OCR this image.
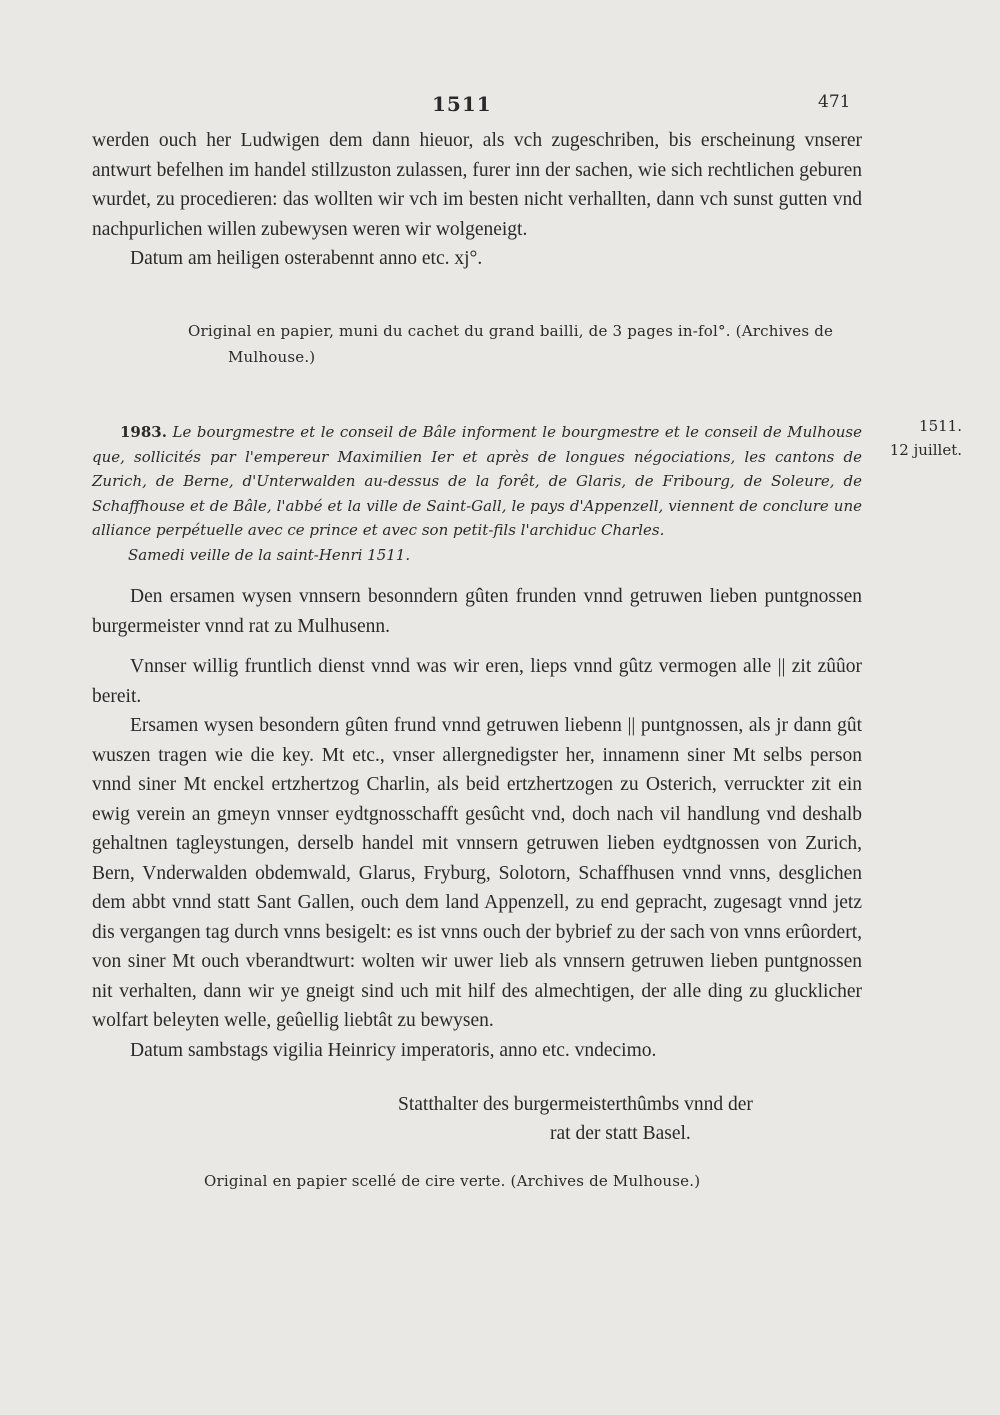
1511	471

werden ouch her Ludwigen dem dann hieuor, als vch zugeschriben, bis erscheinung vnserer antwurt befelhen im handel stillzuston zulassen, furer inn der sachen, wie sich rechtlichen geburen wurdet, zu procedieren: das wollten wir vch im besten nicht verhallten, dann vch sunst gutten vnd nachpurlichen willen zubewysen weren wir wolgeneigt.

Datum am heiligen osterabennt anno etc. xj°.

Original en papier, muni du cachet du grand bailli, de 3 pages in-fol°. (Archives de
Mulhouse.)

1983. Le bourgmestre et le conseil de Bâle informent le bourgmestre et le conseil de Mulhouse que, sollicités par l'empereur Maximilien Ier et après de longues négociations, les cantons de Zurich, de Berne, d'Unterwalden au-dessus de la forêt, de Glaris, de Fribourg, de Soleure, de Schaffhouse et de Bâle, l'abbé et la ville de Saint-Gall, le pays d'Appenzell, viennent de conclure une alliance perpétuelle avec ce prince et avec son petit-fils l'archiduc Charles.

Samedi veille de la saint-Henri 1511.

1511.
12 juillet.

Den ersamen wysen vnnsern besonndern gûten frunden vnnd getruwen lieben puntgnossen burgermeister vnnd rat zu Mulhusenn.

Vnnser willig fruntlich dienst vnnd was wir eren, lieps vnnd gûtz vermogen alle || zit zûûor bereit.

Ersamen wysen besondern gûten frund vnnd getruwen liebenn || puntgnossen, als jr dann gût wuszen tragen wie die key. Mt etc., vnser allergnedigster her, innamenn siner Mt selbs person vnnd siner Mt enckel ertzhertzog Charlin, als beid ertzhertzogen zu Osterich, verruckter zit ein ewig verein an gmeyn vnnser eydtgnosschafft gesûcht vnd, doch nach vil handlung vnd deshalb gehaltnen tagleystungen, derselb handel mit vnnsern getruwen lieben eydtgnossen von Zurich, Bern, Vnderwalden obdemwald, Glarus, Fryburg, Solotorn, Schaffhusen vnnd vnns, desglichen dem abbt vnnd statt Sant Gallen, ouch dem land Appenzell, zu end gepracht, zugesagt vnnd jetz dis vergangen tag durch vnns besigelt: es ist vnns ouch der bybrief zu der sach von vnns erûordert, von siner Mt ouch vberandtwurt: wolten wir uwer lieb als vnnsern getruwen lieben puntgnossen nit verhalten, dann wir ye gneigt sind uch mit hilf des almechtigen, der alle ding zu glucklicher wolfart beleyten welle, geûellig liebtât zu bewysen.

Datum sambstags vigilia Heinricy imperatoris, anno etc. vndecimo.

Statthalter des burgermeisterthûmbs vnnd der
rat der statt Basel.
Original en papier scellé de cire verte. (Archives de Mulhouse.)
